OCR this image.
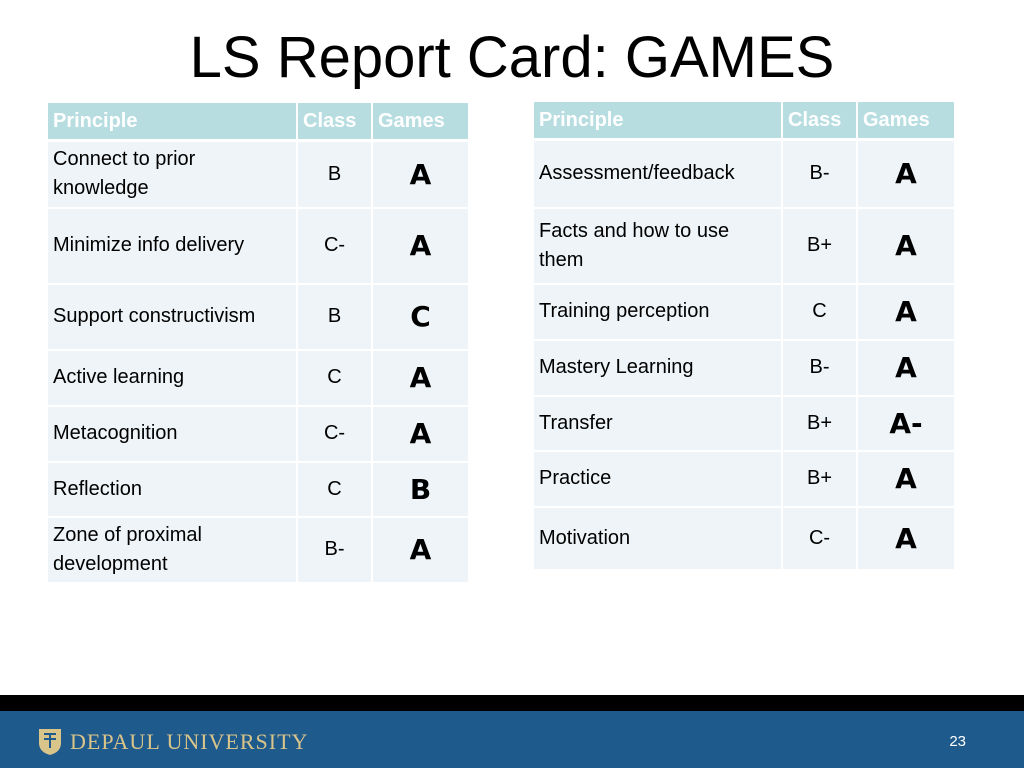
LS Report Card: GAMES
Principle	Class	Games
Connect to prior knowledge	B	A
Minimize info delivery	C-	A
Support constructivism	B	C
Active learning	C	A
Metacognition	C-	A
Reflection	C	B
Zone of proximal development	B-	A
Principle	Class	Games
Assessment/feedback	B-	A
Facts and how to use them	B+	A
Training perception	C	A
Mastery Learning	B-	A
Transfer	B+	A-
Practice	B+	A
Motivation	C-	A
DEPAUL UNIVERSITY	23
